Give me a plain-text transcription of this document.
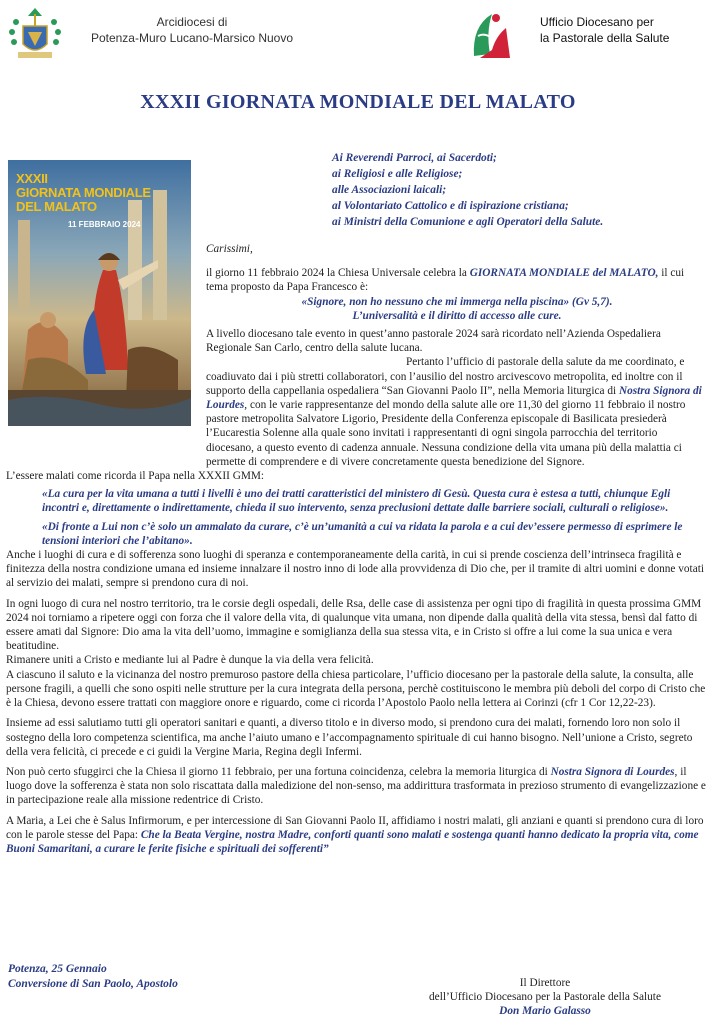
Arcidiocesi di
Potenza-Muro Lucano-Marsico Nuovo
Ufficio Diocesano per
la Pastorale della Salute
XXXII GIORNATA MONDIALE DEL MALATO
XXXII
GIORNATA MONDIALE
DEL MALATO
11 FEBBRAIO 2024
Ai Reverendi Parroci, ai Sacerdoti;
ai Religiosi e alle Religiose;
alle Associazioni laicali;
al Volontariato Cattolico e di ispirazione cristiana;
ai Ministri della Comunione e agli Operatori della Salute.

Carissimi,

il giorno 11 febbraio 2024 la Chiesa Universale celebra la GIORNATA MONDIALE del MALATO, il cui tema proposto da Papa Francesco è:

«Signore, non ho nessuno che mi immerga nella piscina» (Gv 5,7).

L’universalità e il diritto di accesso alle cure.

A livello diocesano tale evento in quest’anno pastorale 2024 sarà ricordato nell’Azienda Ospedaliera Regionale San Carlo, centro della salute lucana.

Pertanto l’ufficio di pastorale della salute da me coordinato, e coadiuvato dai i più stretti collaboratori, con l’ausilio del nostro arcivescovo metropolita, ed inoltre con il supporto della cappellania ospedaliera “San Giovanni Paolo II”, nella Memoria liturgica di Nostra Signora di Lourdes, con le varie rappresentanze del mondo della salute alle ore 11,30 del giorno 11 febbraio il nostro pastore metropolita Salvatore Ligorio, Presidente della Conferenza episcopale di Basilicata presiederà l’Eucarestia Solenne alla quale sono invitati i rappresentanti di ogni singola parrocchia del territorio diocesano, a questo evento di cadenza annuale. Nessuna condizione della vita umana più della malattia ci permette di comprendere e di vivere concretamente questa benedizione del Signore.

L’essere malati come ricorda il Papa nella XXXII GMM:

«La cura per la vita umana a tutti i livelli è uno dei tratti caratteristici del ministero di Gesù. Questa cura è estesa a tutti, chiunque Egli incontri e, direttamente o indirettamente, chieda il suo intervento, senza preclusioni dettate dalle barriere sociali, culturali o religiose».

«Di fronte a Lui non c’è solo un ammalato da curare, c’è un’umanità a cui va ridata la parola e a cui dev’essere permesso di esprimere le tensioni interiori che l’abitano».

Anche i luoghi di cura e di sofferenza sono luoghi di speranza e contemporaneamente della carità, in cui si prende coscienza dell’intrinseca fragilità e finitezza della nostra condizione umana ed insieme innalzare il nostro inno di lode alla provvidenza di Dio che, per il tramite di altri uomini e donne votati al servizio dei malati, sempre si prendono cura di noi.

In ogni luogo di cura nel nostro territorio, tra le corsie degli ospedali, delle Rsa, delle case di assistenza per ogni tipo di fragilità in questa prossima GMM 2024 noi torniamo a ripetere oggi con forza che il valore della vita, di qualunque vita umana, non dipende dalla qualità della vita stessa, bensì dal fatto di essere amati dal Signore: Dio ama la vita dell’uomo, immagine e somiglianza della sua stessa vita, e in Cristo si offre a lui come la sua unica e vera beatitudine.

Rimanere uniti a Cristo e mediante lui al Padre è dunque la via della vera felicità.

A ciascuno il saluto e la vicinanza del nostro premuroso pastore della chiesa particolare, l’ufficio diocesano per la pastorale della salute, la consulta, alle persone fragili, a quelli che sono ospiti nelle strutture per la cura integrata della persona, perchè costituiscono le membra più deboli del corpo di Cristo che è la Chiesa, devono essere trattati con maggiore onore e riguardo, come ci ricorda l’Apostolo Paolo nella lettera ai Corinzi (cfr 1 Cor 12,22-23).

Insieme ad essi salutiamo tutti gli operatori sanitari e quanti, a diverso titolo e in diverso modo, si prendono cura dei malati, fornendo loro non solo il sostegno della loro competenza scientifica, ma anche l’aiuto umano e l’accompagnamento spirituale di cui hanno bisogno. Nell’unione a Cristo, segreto della vera felicità, ci precede e ci guidi la Vergine Maria, Regina degli Infermi.

Non può certo sfuggirci che la Chiesa il giorno 11 febbraio, per una fortuna coincidenza, celebra la memoria liturgica di Nostra Signora di Lourdes, il luogo dove la sofferenza è stata non solo riscattata dalla maledizione del non-senso, ma addirittura trasformata in prezioso strumento di evangelizzazione e in partecipazione reale alla missione redentrice di Cristo.

A Maria, a Lei che è Salus Infirmorum, e per intercessione di San Giovanni Paolo II, affidiamo i nostri malati, gli anziani e quanti si prendono cura di loro con le parole stesse del Papa: Che la Beata Vergine, nostra Madre, conforti quanti sono malati e sostenga quanti hanno dedicato la propria vita, come Buoni Samaritani, a curare le ferite fisiche e spirituali dei sofferenti”

Potenza, 25 Gennaio
Conversione di San Paolo, Apostolo	Il Direttore
dell’Ufficio Diocesano per la Pastorale della Salute
Don Mario Galasso
